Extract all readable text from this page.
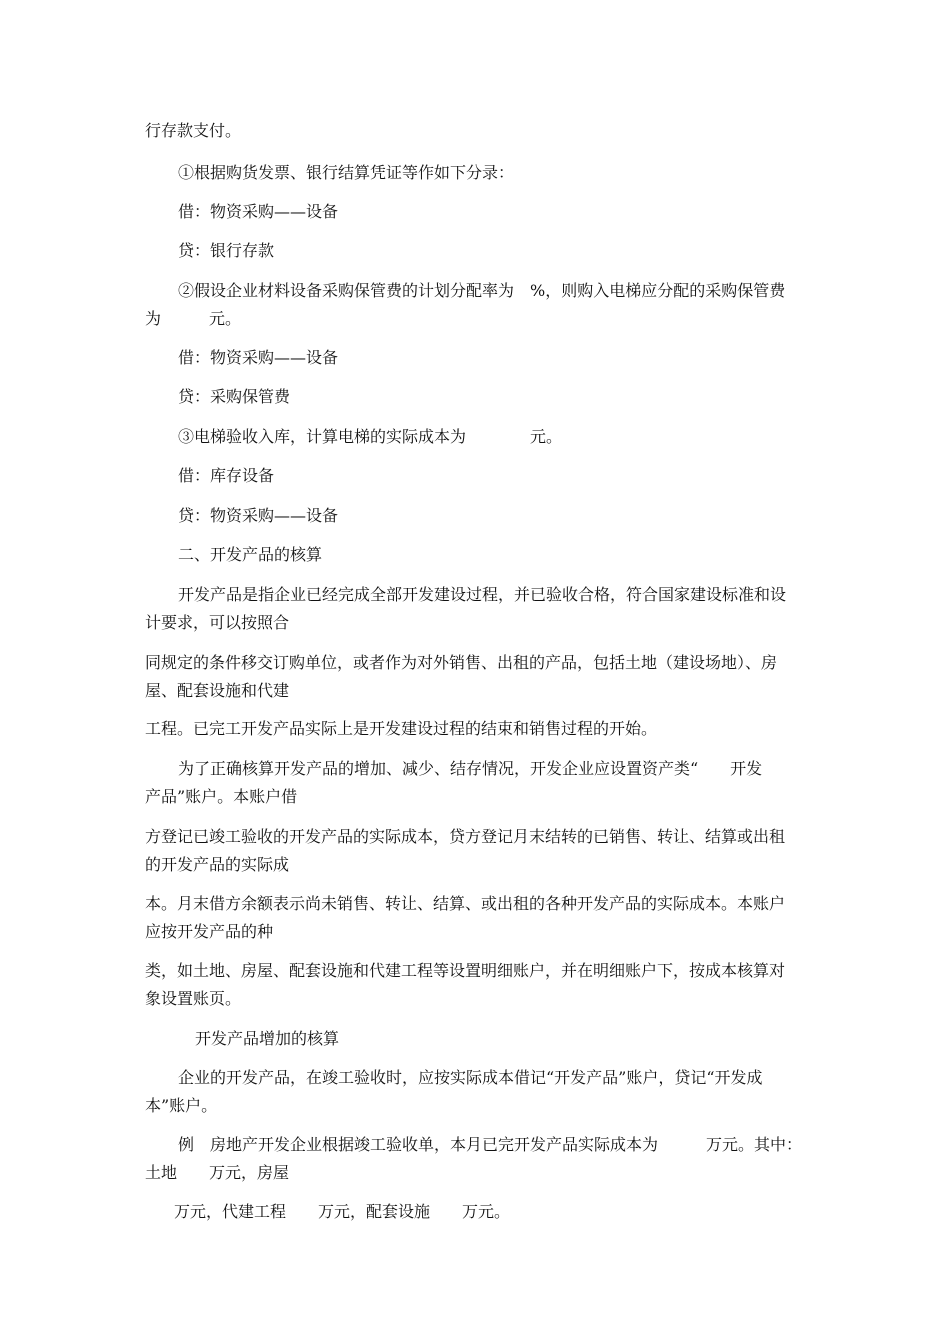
行存款支付。
①根据购货发票、银行结算凭证等作如下分录：
借：物资采购——设备
贷：银行存款
②假设企业材料设备采购保管费的计划分配率为　%，则购入电梯应分配的采购保管费
为　　　元。
借：物资采购——设备
贷：采购保管费
③电梯验收入库，计算电梯的实际成本为　　　　元。
借：库存设备
贷：物资采购——设备
二、开发产品的核算
开发产品是指企业已经完成全部开发建设过程，并已验收合格，符合国家建设标准和设
计要求，可以按照合
同规定的条件移交订购单位，或者作为对外销售、出租的产品，包括土地（建设场地）、房
屋、配套设施和代建
工程。已完工开发产品实际上是开发建设过程的结束和销售过程的开始。
为了正确核算开发产品的增加、减少、结存情况，开发企业应设置资产类“　　开发
产品”账户。本账户借
方登记已竣工验收的开发产品的实际成本，贷方登记月末结转的已销售、转让、结算或出租
的开发产品的实际成
本。月末借方余额表示尚未销售、转让、结算、或出租的各种开发产品的实际成本。本账户
应按开发产品的种
类，如土地、房屋、配套设施和代建工程等设置明细账户，并在明细账户下，按成本核算对
象设置账页。
开发产品增加的核算
企业的开发产品，在竣工验收时，应按实际成本借记“开发产品”账户，贷记“开发成
本”账户。
例　房地产开发企业根据竣工验收单，本月已完开发产品实际成本为　　　万元。其中：
土地　　万元，房屋
万元，代建工程　　万元，配套设施　　万元。
